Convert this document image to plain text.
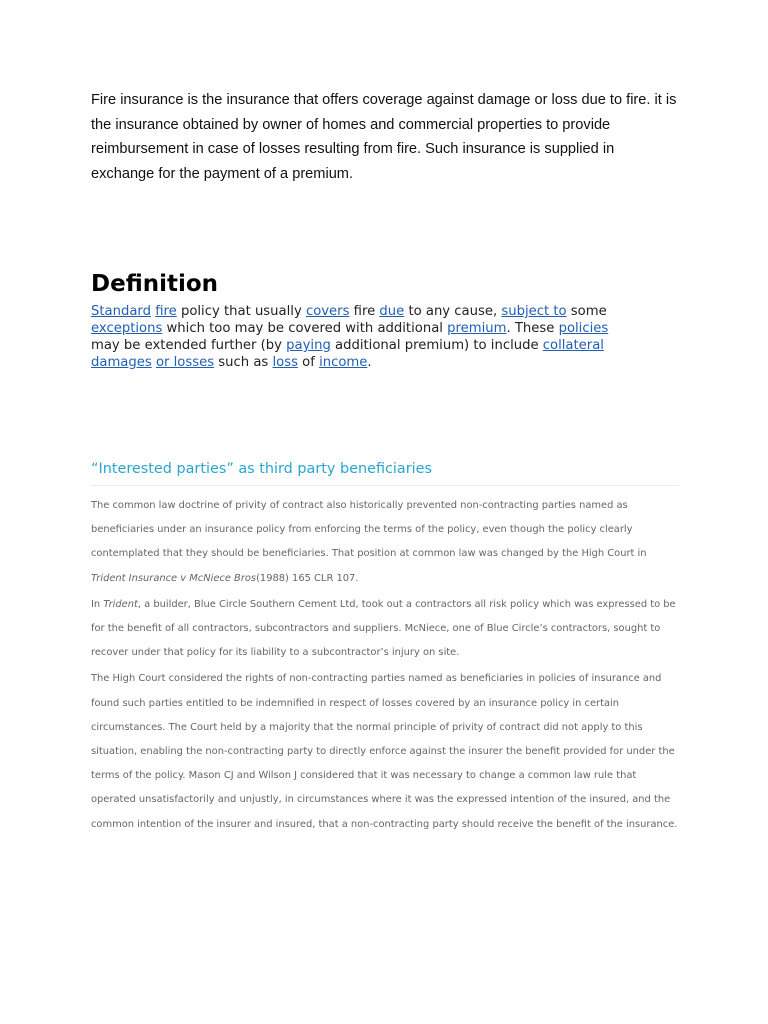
Fire insurance is the insurance that offers coverage against damage or loss due to fire. it is the insurance obtained by owner of homes and commercial properties to provide reimbursement in case of losses resulting from fire. Such insurance is supplied in exchange for the payment of a premium.

Definition

Standard fire policy that usually covers fire due to any cause, subject to some exceptions which too may be covered with additional premium. These policies may be extended further (by paying additional premium) to include collateral damages or losses such as loss of income.

“Interested parties” as third party beneficiaries

The common law doctrine of privity of contract also historically prevented non-contracting parties named as beneficiaries under an insurance policy from enforcing the terms of the policy, even though the policy clearly contemplated that they should be beneficiaries. That position at common law was changed by the High Court in Trident Insurance v McNiece Bros(1988) 165 CLR 107.

In Trident, a builder, Blue Circle Southern Cement Ltd, took out a contractors all risk policy which was expressed to be for the benefit of all contractors, subcontractors and suppliers. McNiece, one of Blue Circle’s contractors, sought to recover under that policy for its liability to a subcontractor’s injury on site.

The High Court considered the rights of non-contracting parties named as beneficiaries in policies of insurance and found such parties entitled to be indemnified in respect of losses covered by an insurance policy in certain circumstances. The Court held by a majority that the normal principle of privity of contract did not apply to this situation, enabling the non-contracting party to directly enforce against the insurer the benefit provided for under the terms of the policy. Mason CJ and Wilson J considered that it was necessary to change a common law rule that operated unsatisfactorily and unjustly, in circumstances where it was the expressed intention of the insured, and the common intention of the insurer and insured, that a non-contracting party should receive the benefit of the insurance.
